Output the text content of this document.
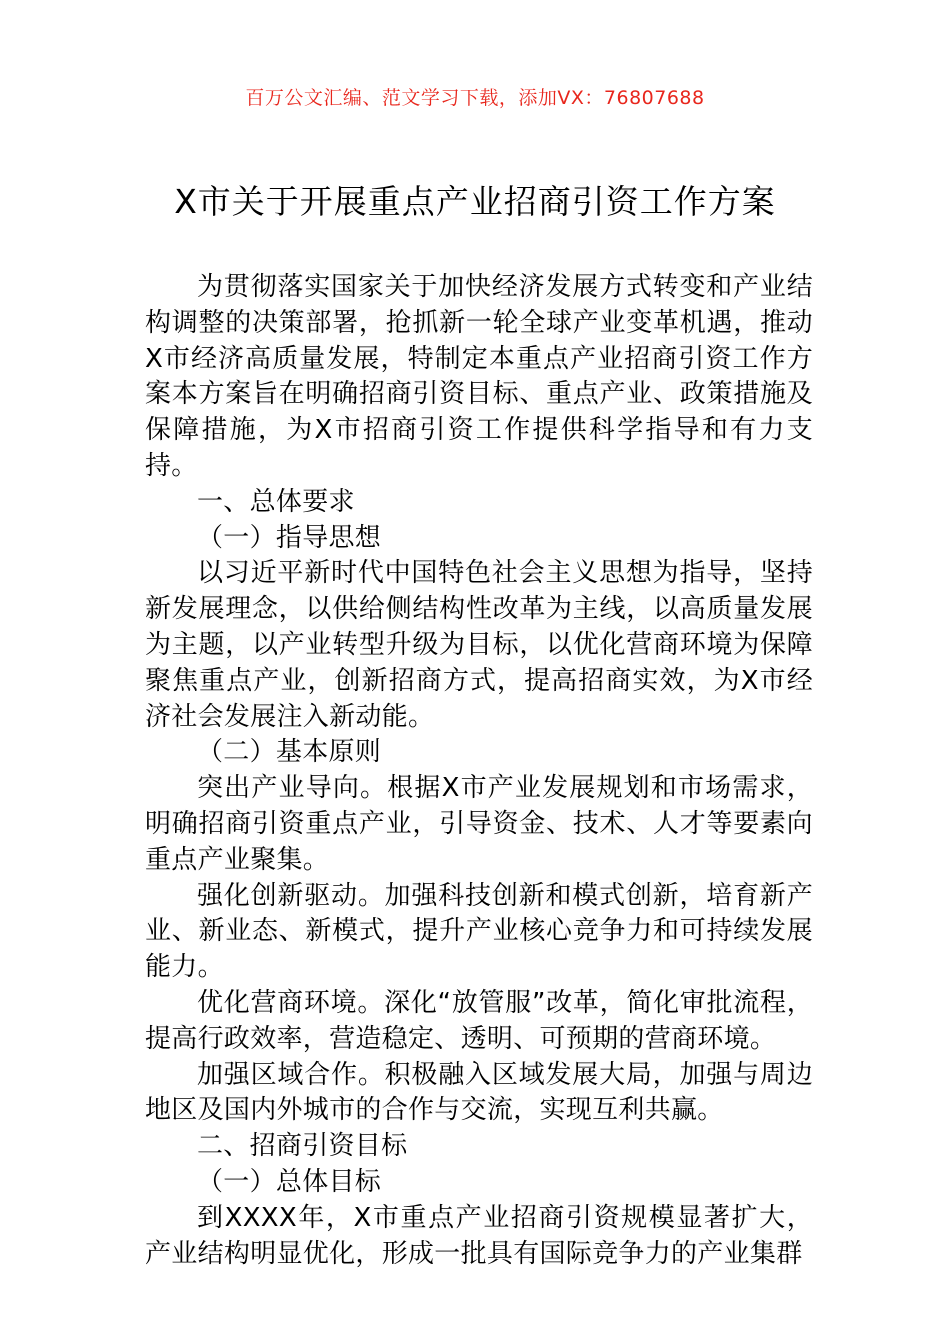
百万公文汇编、范文学习下载，添加VX：76807688
X市关于开展重点产业招商引资工作方案

为贯彻落实国家关于加快经济发展方式转变和产业结构调整的决策部署，抢抓新一轮全球产业变革机遇，推动X市经济高质量发展，特制定本重点产业招商引资工作方案本方案旨在明确招商引资目标、重点产业、政策措施及保障措施，为X市招商引资工作提供科学指导和有力支持。

一、总体要求

（一）指导思想

以习近平新时代中国特色社会主义思想为指导，坚持新发展理念，以供给侧结构性改革为主线，以高质量发展为主题，以产业转型升级为目标，以优化营商环境为保障聚焦重点产业，创新招商方式，提高招商实效，为X市经济社会发展注入新动能。

（二）基本原则

突出产业导向。根据X市产业发展规划和市场需求，明确招商引资重点产业，引导资金、技术、人才等要素向重点产业聚集。

强化创新驱动。加强科技创新和模式创新，培育新产业、新业态、新模式，提升产业核心竞争力和可持续发展能力。

优化营商环境。深化“放管服”改革，简化审批流程，提高行政效率，营造稳定、透明、可预期的营商环境。

加强区域合作。积极融入区域发展大局，加强与周边地区及国内外城市的合作与交流，实现互利共赢。

二、招商引资目标

（一）总体目标

到XXXX年，X市重点产业招商引资规模显著扩大，产业结构明显优化，形成一批具有国际竞争力的产业集群
